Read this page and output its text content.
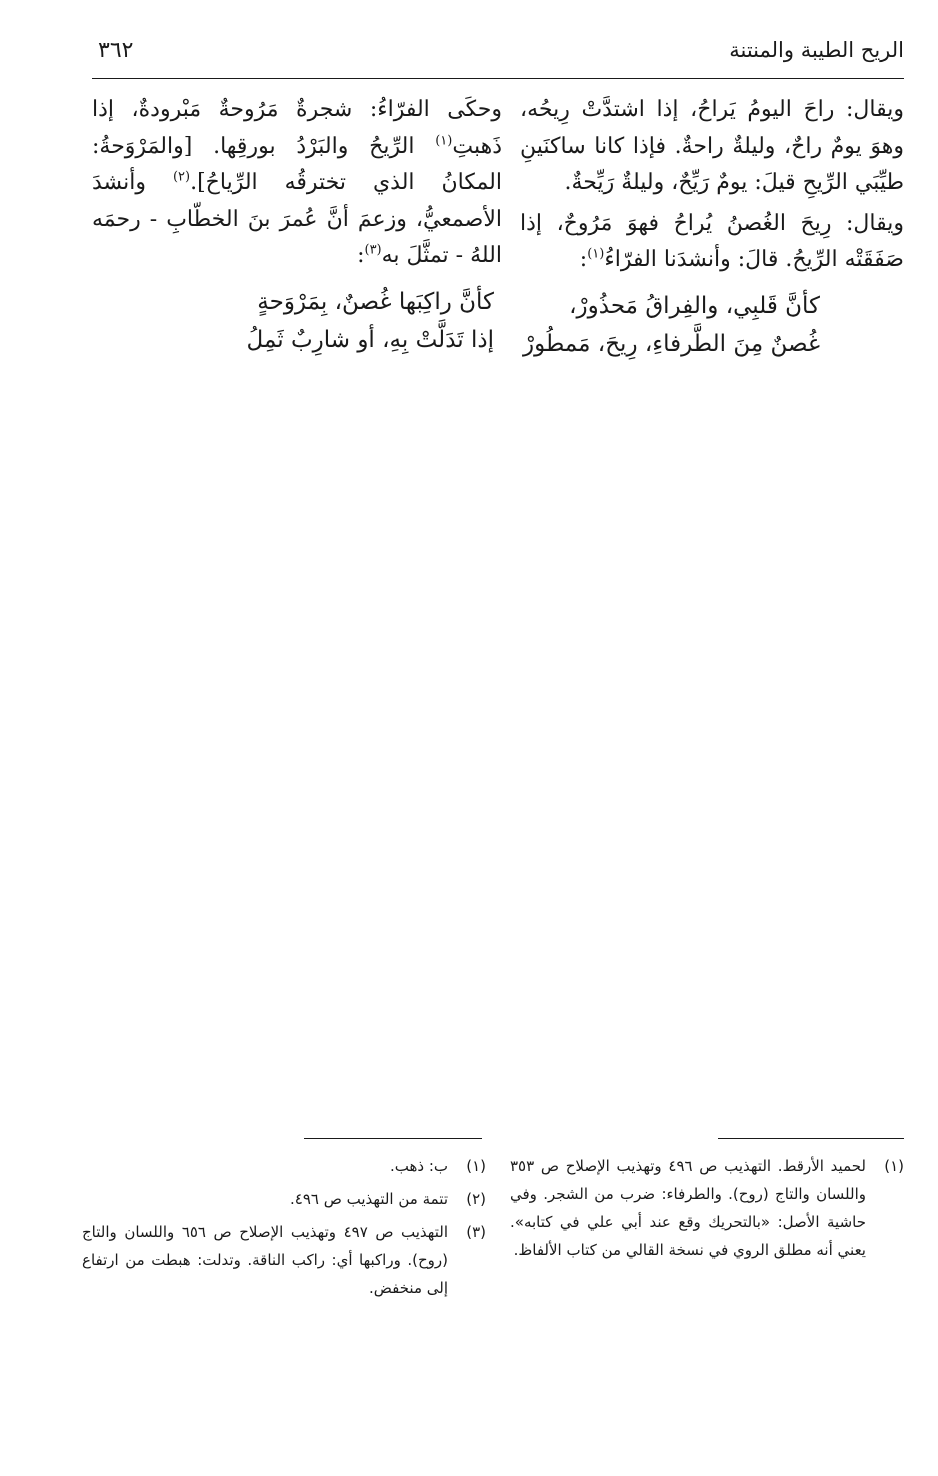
الريح الطيبة والمنتنة
٣٦٢

ويقال: راحَ اليومُ يَراحُ، إذا اشتدَّتْ رِيحُه، وهوَ يومٌ راحٌ، وليلةٌ راحةٌ. فإذا كانا ساكنَينِ طيِّبَي الرِّيحِ قيلَ: يومٌ رَيِّحٌ، وليلةٌ رَيِّحةٌ.

ويقال: رِيحَ الغُصنُ يُراحُ فهوَ مَرُوحٌ، إذا صَفَقَتْه الرِّيحُ. قالَ: وأنشدَنا الفرّاءُ$^{(١)}$:

كأنَّ قَلبِي، والفِراقُ مَحذُورْ،
غُصنٌ مِنَ الطَّرفاءِ، رِيحَ، مَمطُورْ

وحكَى الفرّاءُ: شجرةٌ مَرُوحةٌ مَبْرودةٌ، إذا ذَهبتِ$^{(١)}$ الرِّيحُ والبَرْدُ بورقِها. [والمَرْوَحةُ: المكانُ الذي تخترقُه الرِّياحُ].$^{(٢)}$ وأنشدَ الأصمعيُّ، وزعمَ أنَّ عُمرَ بنَ الخطّابِ - رحمَه اللهُ - تمثَّلَ به$^{(٣)}$:

كأنَّ راكِبَها غُصنٌ، بِمَرْوَحةٍ
إذا تَدَلَّتْ بِهِ، أو شارِبٌ ثَمِلُ
(١)
لحميد الأرقط. التهذيب ص ٤٩٦ وتهذيب الإصلاح ص ٣٥٣ واللسان والتاج (روح). والطرفاء: ضرب من الشجر. وفي حاشية الأصل: «بالتحريك وقع عند أبي علي في كتابه». يعني أنه مطلق الروي في نسخة القالي من كتاب الألفاظ.
(١)
ب: ذهب.
(٢)
تتمة من التهذيب ص ٤٩٦.
(٣)
التهذيب ص ٤٩٧ وتهذيب الإصلاح ص ٦٥٦ واللسان والتاج (روح). وراكبها أي: راكب الناقة. وتدلت: هبطت من ارتفاع إلى منخفض.
